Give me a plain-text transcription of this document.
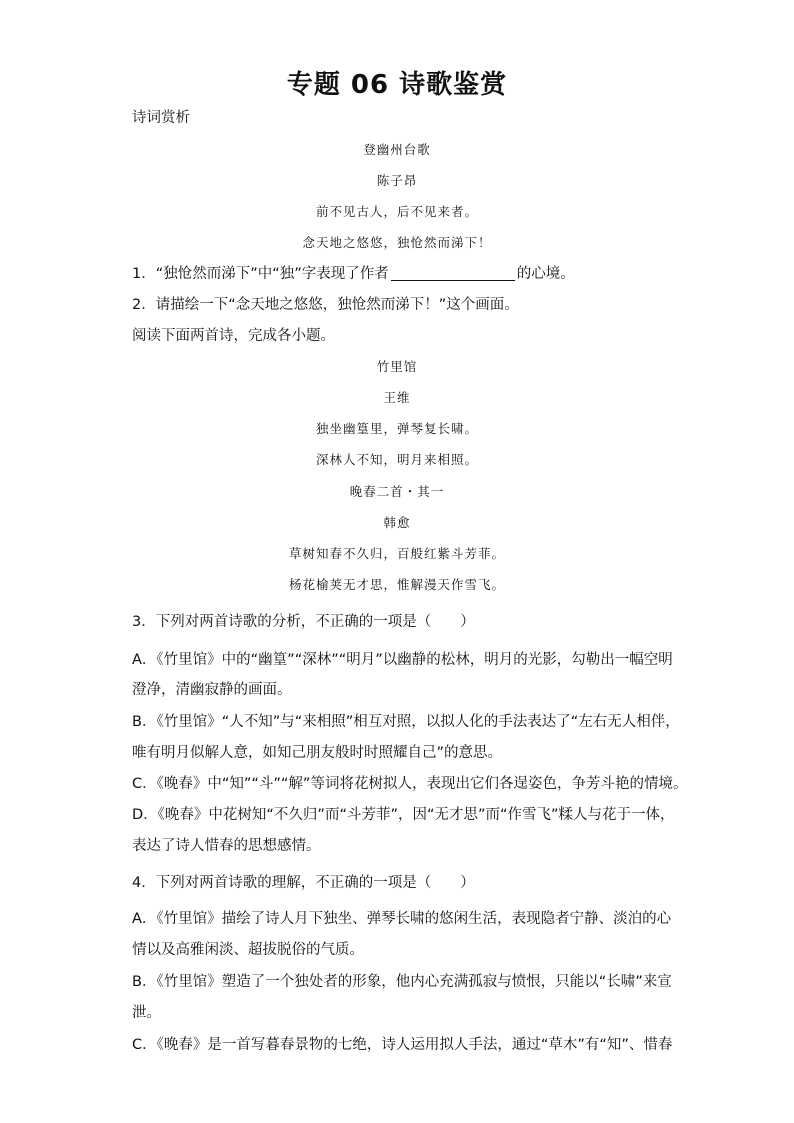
专题 06 诗歌鉴赏
诗词赏析
登幽州台歌
陈子昂
前不见古人，后不见来者。
念天地之悠悠，独怆然而涕下！
1．“独怆然而涕下”中“独”字表现了作者	的心境。
2．请描绘一下“念天地之悠悠，独怆然而涕下！”这个画面。
阅读下面两首诗，完成各小题。
竹里馆
王维
独坐幽篁里，弹琴复长啸。
深林人不知，明月来相照。
晚春二首・其一
韩愈
草树知春不久归，百般红紫斗芳菲。
杨花榆荚无才思，惟解漫天作雪飞。
3．下列对两首诗歌的分析，不正确的一项是（　　）
A．《竹里馆》中的“幽篁”“深林”“明月”以幽静的松林，明月的光影，勾勒出一幅空明
澄净，清幽寂静的画面。
B．《竹里馆》“人不知”与“来相照”相互对照，以拟人化的手法表达了“左右无人相伴，
唯有明月似解人意，如知己朋友般时时照耀自己”的意思。
C．《晚春》中“知”“斗”“解”等词将花树拟人，表现出它们各逞姿色，争芳斗艳的情境。
D．《晚春》中花树知“不久归”而“斗芳菲”，因“无才思”而“作雪飞”糅人与花于一体，
表达了诗人惜春的思想感情。
4．下列对两首诗歌的理解，不正确的一项是（　　）
A．《竹里馆》描绘了诗人月下独坐、弹琴长啸的悠闲生活，表现隐者宁静、淡泊的心
情以及高雅闲淡、超拔脱俗的气质。
B．《竹里馆》塑造了一个独处者的形象，他内心充满孤寂与愤恨，只能以“长啸”来宣
泄。
C．《晚春》是一首写暮春景物的七绝，诗人运用拟人手法，通过“草木”有“知”、惜春
